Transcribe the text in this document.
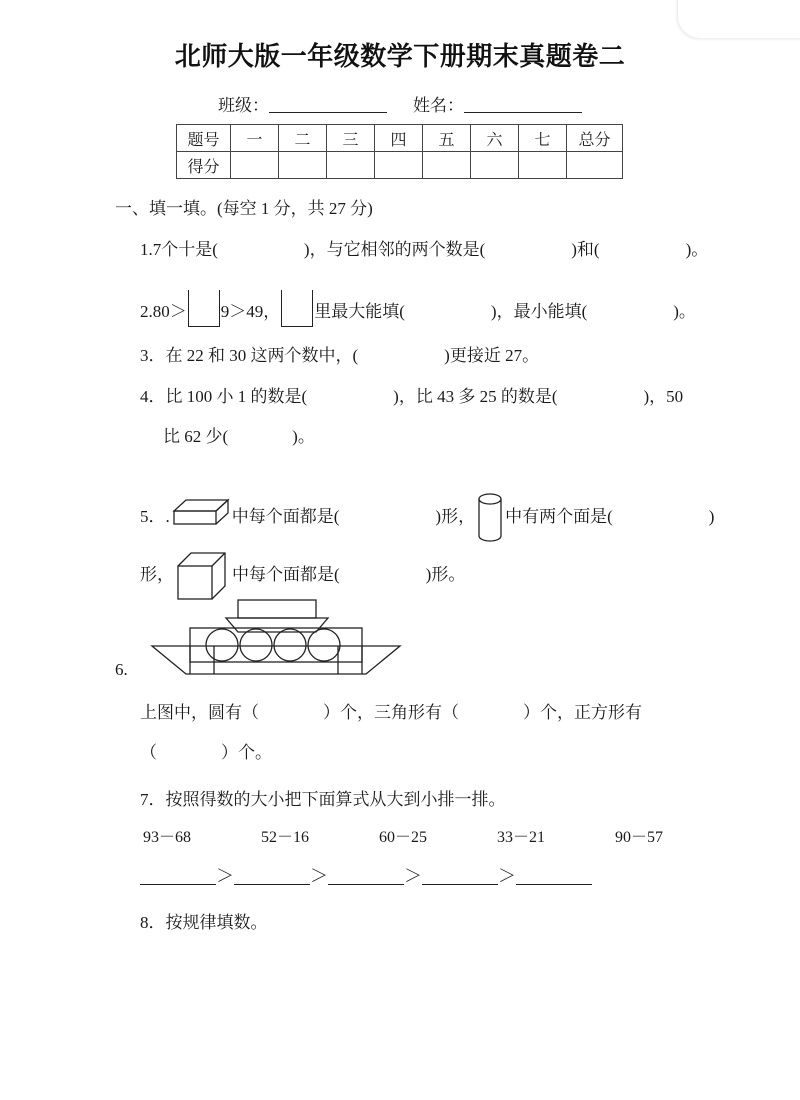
北师大版一年级数学下册期末真题卷二
班级：	姓名：
题号	一	二	三	四	五	六	七	总分
得分								
一、填一填。(每空 1 分，共 27 分)
1.7个十是(	)，与它相邻的两个数是(	)和(	)。
2.80＞ 9＞49， 里最大能填(	)，最小能填(	)。
3．在 22 和 30 这两个数中，(	)更接近 27。
4．比 100 小 1 的数是(	)，比 43 多 25 的数是(	)，50
比 62 少(	)。
5．.	中每个面都是(	)形， 中有两个面是(	)
形，	中每个面都是(	)形。
6.
上图中，圆有（	）个，三角形有（	）个，正方形有
（	）个。
7．按照得数的大小把下面算式从大到小排一排。
93－68	52－16	60－25	33－21	90－57
＞	＞	＞	＞
8．按规律填数。
